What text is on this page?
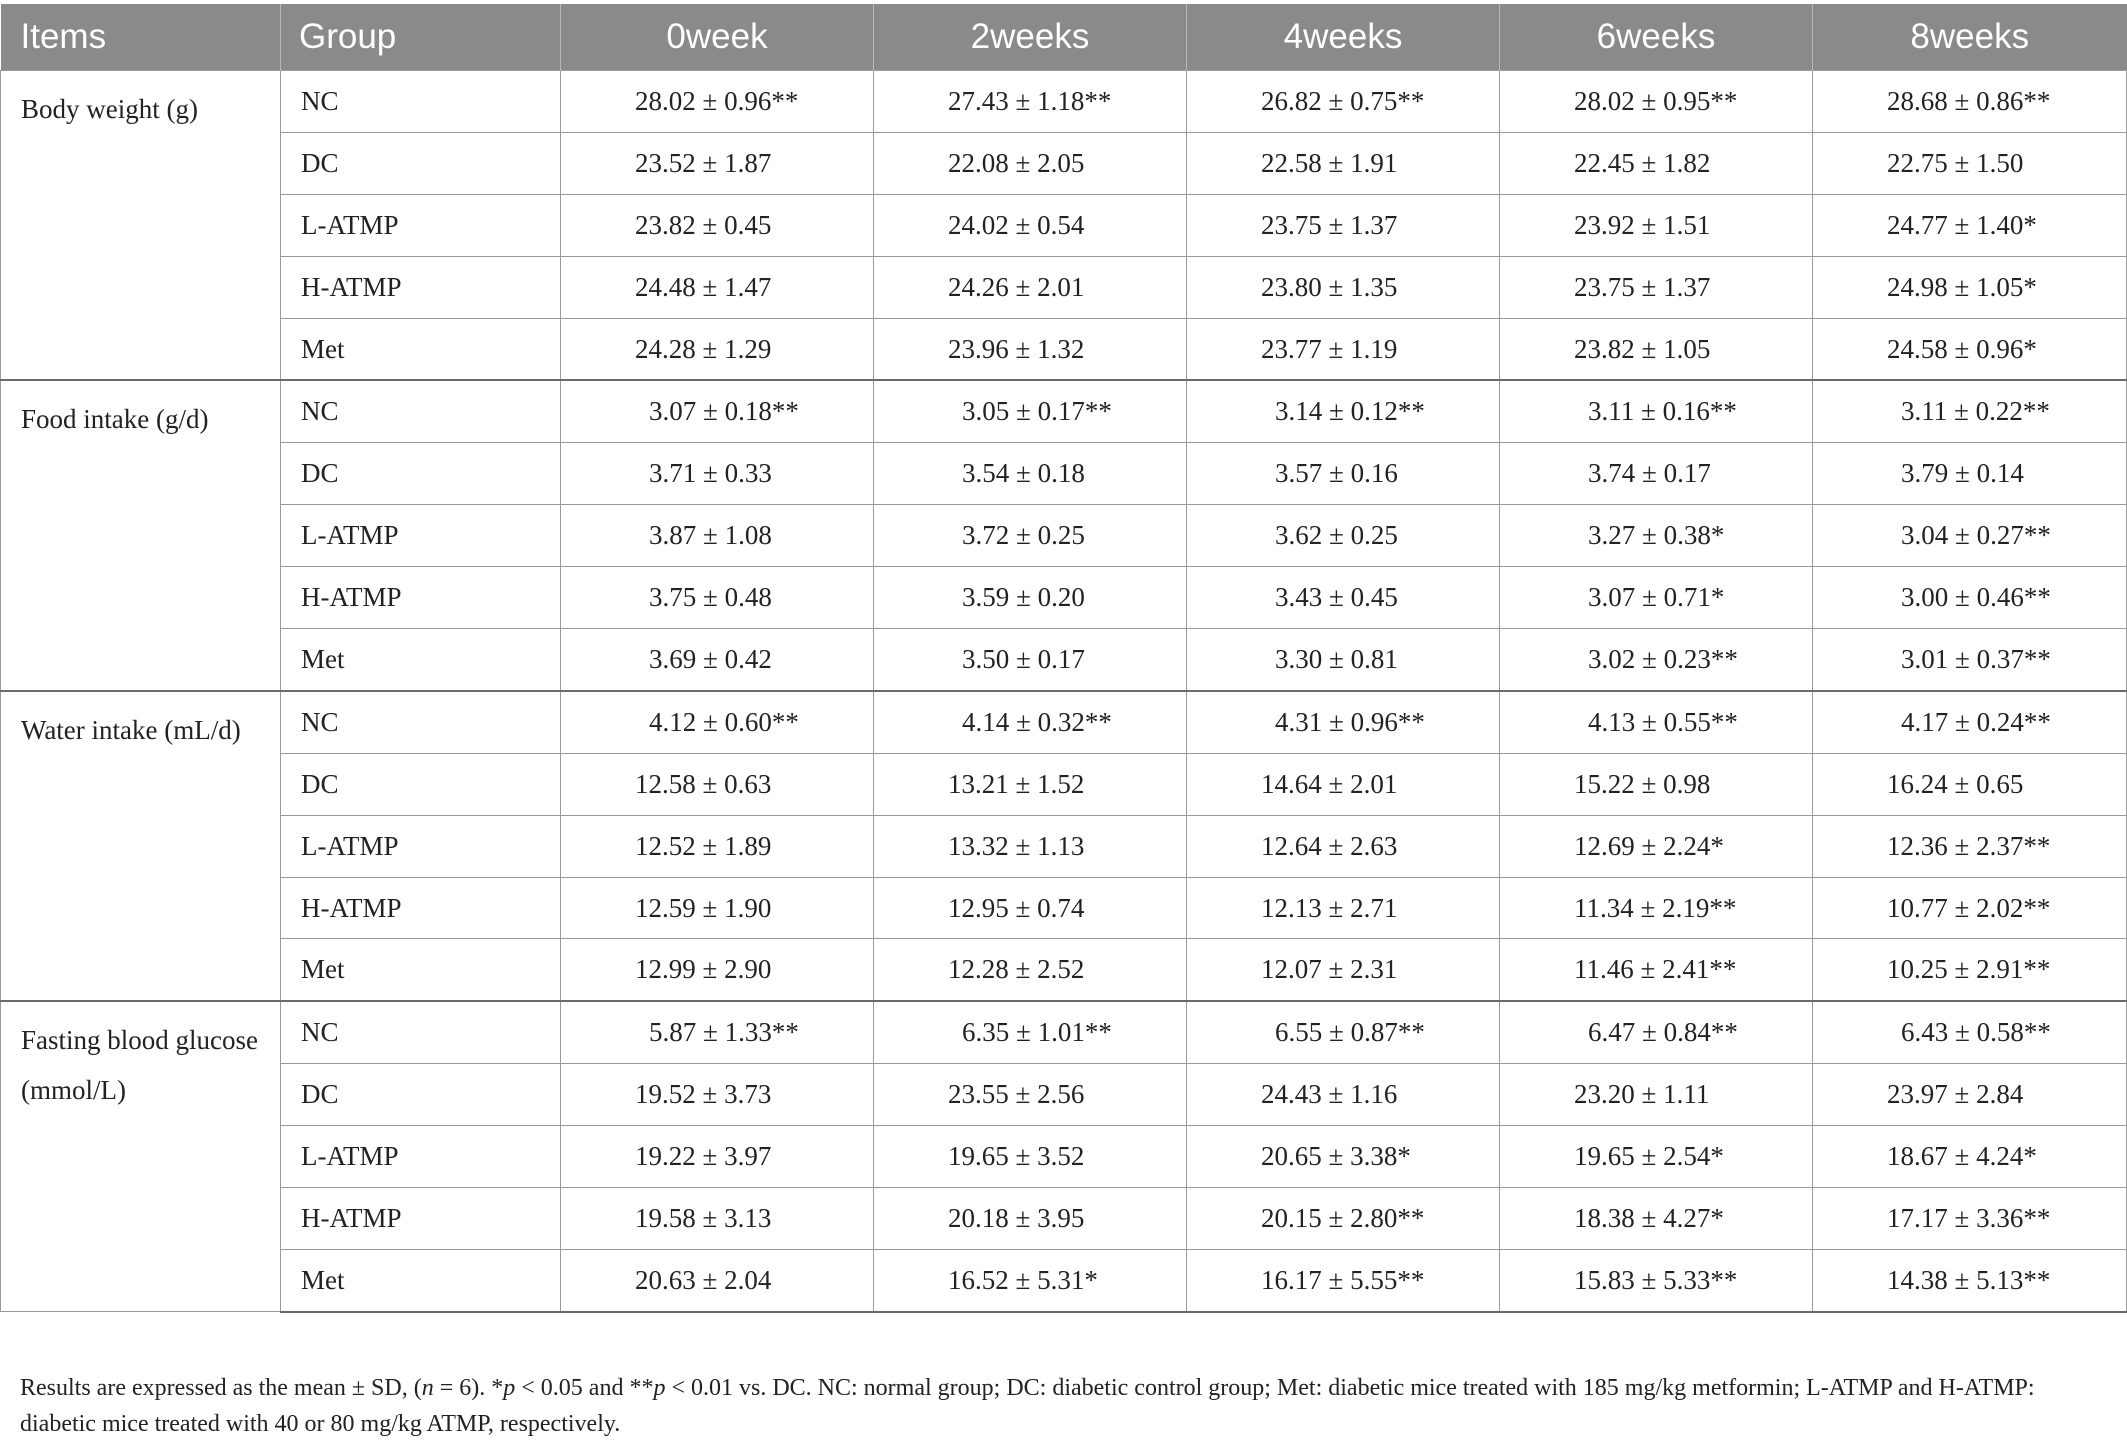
Items	Group	0week	2weeks	4weeks	6weeks	8weeks
Body weight (g)	NC	28.02 ± 0.96**	27.43 ± 1.18**	26.82 ± 0.75**	28.02 ± 0.95**	28.68 ± 0.86**
	DC	23.52 ± 1.87	22.08 ± 2.05	22.58 ± 1.91	22.45 ± 1.82	22.75 ± 1.50
	L-ATMP	23.82 ± 0.45	24.02 ± 0.54	23.75 ± 1.37	23.92 ± 1.51	24.77 ± 1.40*
	H-ATMP	24.48 ± 1.47	24.26 ± 2.01	23.80 ± 1.35	23.75 ± 1.37	24.98 ± 1.05*
	Met	24.28 ± 1.29	23.96 ± 1.32	23.77 ± 1.19	23.82 ± 1.05	24.58 ± 0.96*
Food intake (g/d)	NC	3.07 ± 0.18**	3.05 ± 0.17**	3.14 ± 0.12**	3.11 ± 0.16**	3.11 ± 0.22**
	DC	3.71 ± 0.33	3.54 ± 0.18	3.57 ± 0.16	3.74 ± 0.17	3.79 ± 0.14
	L-ATMP	3.87 ± 1.08	3.72 ± 0.25	3.62 ± 0.25	3.27 ± 0.38*	3.04 ± 0.27**
	H-ATMP	3.75 ± 0.48	3.59 ± 0.20	3.43 ± 0.45	3.07 ± 0.71*	3.00 ± 0.46**
	Met	3.69 ± 0.42	3.50 ± 0.17	3.30 ± 0.81	3.02 ± 0.23**	3.01 ± 0.37**
Water intake (mL/d)	NC	4.12 ± 0.60**	4.14 ± 0.32**	4.31 ± 0.96**	4.13 ± 0.55**	4.17 ± 0.24**
	DC	12.58 ± 0.63	13.21 ± 1.52	14.64 ± 2.01	15.22 ± 0.98	16.24 ± 0.65
	L-ATMP	12.52 ± 1.89	13.32 ± 1.13	12.64 ± 2.63	12.69 ± 2.24*	12.36 ± 2.37**
	H-ATMP	12.59 ± 1.90	12.95 ± 0.74	12.13 ± 2.71	11.34 ± 2.19**	10.77 ± 2.02**
	Met	12.99 ± 2.90	12.28 ± 2.52	12.07 ± 2.31	11.46 ± 2.41**	10.25 ± 2.91**
Fasting blood glucose (mmol/L)	NC	5.87 ± 1.33**	6.35 ± 1.01**	6.55 ± 0.87**	6.47 ± 0.84**	6.43 ± 0.58**
	DC	19.52 ± 3.73	23.55 ± 2.56	24.43 ± 1.16	23.20 ± 1.11	23.97 ± 2.84
	L-ATMP	19.22 ± 3.97	19.65 ± 3.52	20.65 ± 3.38*	19.65 ± 2.54*	18.67 ± 4.24*
	H-ATMP	19.58 ± 3.13	20.18 ± 3.95	20.15 ± 2.80**	18.38 ± 4.27*	17.17 ± 3.36**
	Met	20.63 ± 2.04	16.52 ± 5.31*	16.17 ± 5.55**	15.83 ± 5.33**	14.38 ± 5.13**
Results are expressed as the mean ± SD, (n = 6). *p < 0.05 and **p < 0.01 vs. DC. NC: normal group; DC: diabetic control group; Met: diabetic mice treated with 185 mg/kg metformin; L-ATMP and H-ATMP: diabetic mice treated with 40 or 80 mg/kg ATMP, respectively.
